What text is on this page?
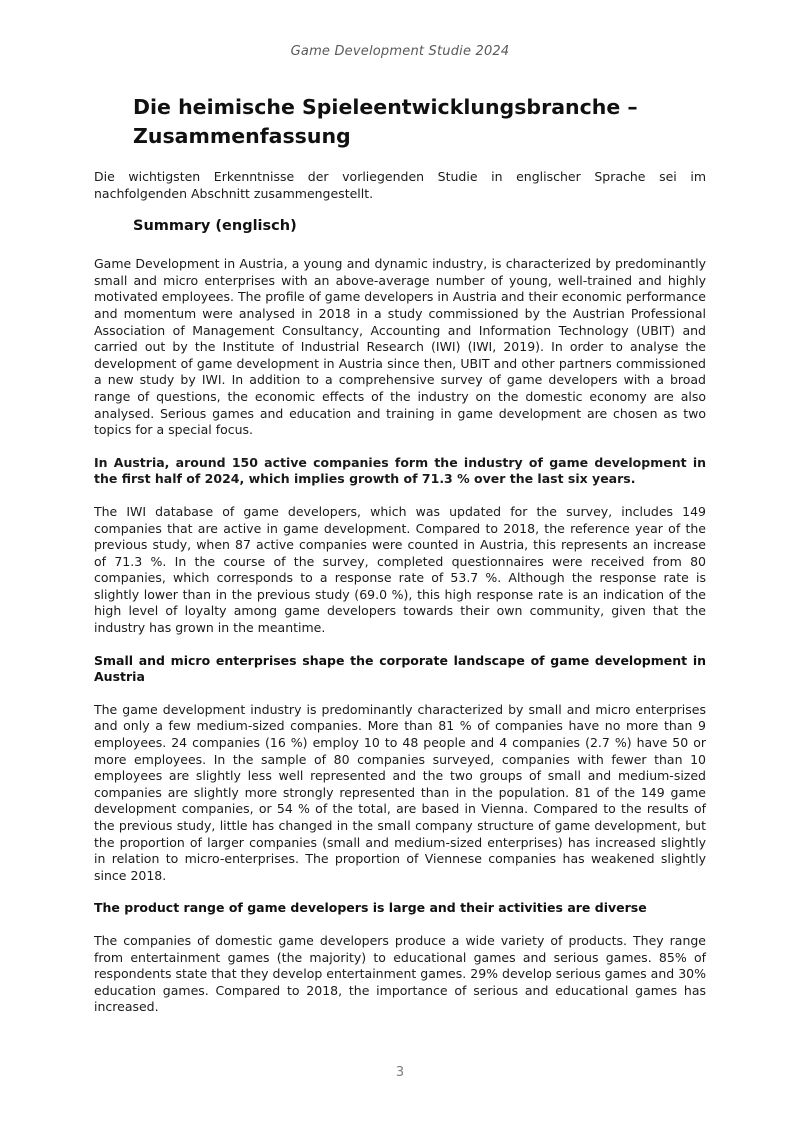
Game Development Studie 2024
Die heimische Spieleentwicklungsbranche – Zusammenfassung

Die wichtigsten Erkenntnisse der vorliegenden Studie in englischer Sprache sei im nachfolgenden Abschnitt zusammengestellt.

Summary (englisch)

Game Development in Austria, a young and dynamic industry, is characterized by predominantly small and micro enterprises with an above-average number of young, well-trained and highly motivated employees. The profile of game developers in Austria and their economic performance and momentum were analysed in 2018 in a study commissioned by the Austrian Professional Association of Management Consultancy, Accounting and Information Technology (UBIT) and carried out by the Institute of Industrial Research (IWI) (IWI, 2019). In order to analyse the development of game development in Austria since then, UBIT and other partners commissioned a new study by IWI. In addition to a comprehensive survey of game developers with a broad range of questions, the economic effects of the industry on the domestic economy are also analysed. Serious games and education and training in game development are chosen as two topics for a special focus.

In Austria, around 150 active companies form the industry of game development in the first half of 2024, which implies growth of 71.3 % over the last six years.

The IWI database of game developers, which was updated for the survey, includes 149 companies that are active in game development. Compared to 2018, the reference year of the previous study, when 87 active companies were counted in Austria, this represents an increase of 71.3 %. In the course of the survey, completed questionnaires were received from 80 companies, which corresponds to a response rate of 53.7 %. Although the response rate is slightly lower than in the previous study (69.0 %), this high response rate is an indication of the high level of loyalty among game developers towards their own community, given that the industry has grown in the meantime.

Small and micro enterprises shape the corporate landscape of game development in Austria

The game development industry is predominantly characterized by small and micro enterprises and only a few medium-sized companies. More than 81 % of companies have no more than 9 employees. 24 companies (16 %) employ 10 to 48 people and 4 companies (2.7 %) have 50 or more employees. In the sample of 80 companies surveyed, companies with fewer than 10 employees are slightly less well represented and the two groups of small and medium-sized companies are slightly more strongly represented than in the population. 81 of the 149 game development companies, or 54 % of the total, are based in Vienna. Compared to the results of the previous study, little has changed in the small company structure of game development, but the proportion of larger companies (small and medium-sized enterprises) has increased slightly in relation to micro-enterprises. The proportion of Viennese companies has weakened slightly since 2018.

The product range of game developers is large and their activities are diverse

The companies of domestic game developers produce a wide variety of products. They range from entertainment games (the majority) to educational games and serious games. 85% of respondents state that they develop entertainment games. 29% develop serious games and 30% education games. Compared to 2018, the importance of serious and educational games has increased.

3
